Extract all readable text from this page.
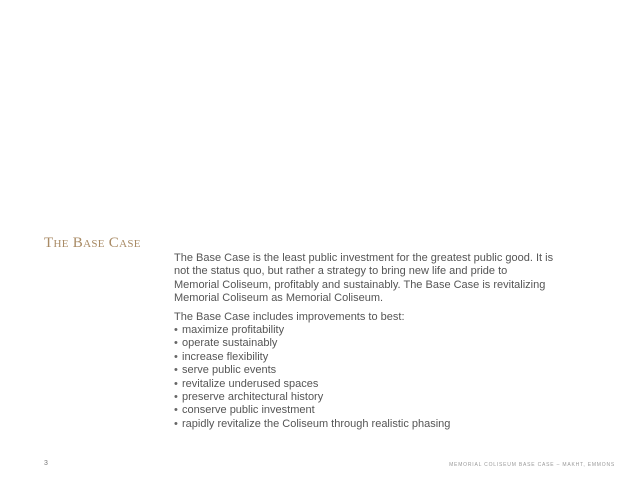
The Base Case

The Base Case is the least public investment for the greatest public good. It is not the status quo, but rather a strategy to bring new life and pride to Memorial Coliseum, profitably and sustainably. The Base Case is revitalizing Memorial Coliseum as Memorial Coliseum.

The Base Case includes improvements to best:

• maximize profitability
• operate sustainably
• increase flexibility
• serve public events
• revitalize underused spaces
• preserve architectural history
• conserve public investment
• rapidly revitalize the Coliseum through realistic phasing
3	MEMORIAL COLISEUM BASE CASE – MAKHT, EMMONS
